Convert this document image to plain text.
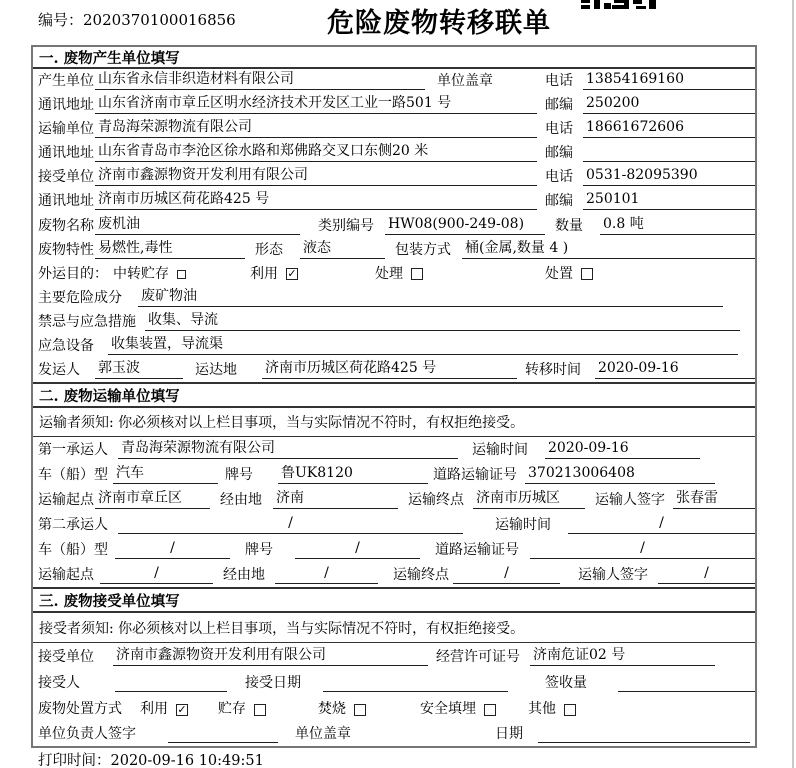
编号：2020370100016856	危险废物转移联单
一. 废物产生单位填写
产生单位 山东省永信非织造材料有限公司	单位盖章	电话 13854169160
通讯地址 山东省济南市章丘区明水经济技术开发区工业一路501 号	邮编 250200
运输单位 青岛海荣源物流有限公司	电话 18661672606
通讯地址 山东省青岛市李沧区徐水路和郑佛路交叉口东侧20 米	邮编
接受单位 济南市鑫源物资开发利用有限公司	电话 0531-82095390
通讯地址 济南市历城区荷花路425 号	邮编 250101
废物名称 废机油	类别编号 HW08(900-249-08)	数量 0.8 吨
废物特性 易燃性,毒性	形态 液态	包装方式 桶(金属,数量 4 )
外运目的： 中转贮存	利用 ✓	处理	处置
主要危险成分 废矿物油
禁忌与应急措施 收集、导流
应急设备 收集装置，导流渠
发运人 郭玉波	运达地 济南市历城区荷花路425 号	转移时间 2020-09-16
二. 废物运输单位填写
运输者须知: 你必须核对以上栏目事项，当与实际情况不符时，有权拒绝接受。
第一承运人 青岛海荣源物流有限公司	运输时间 2020-09-16
车（船）型 汽车	牌号 鲁UK8120	道路运输证号 370213006408
运输起点 济南市章丘区	经由地 济南	运输终点 济南市历城区	运输人签字 张春雷
第二承运人	/	运输时间	/
车（船）型	/	牌号	/	道路运输证号	/
运输起点	/	经由地	/	运输终点	/	运输人签字	/
三. 废物接受单位填写
接受者须知: 你必须核对以上栏目事项，当与实际情况不符时，有权拒绝接受。
接受单位 济南市鑫源物资开发利用有限公司	经营许可证号 济南危证02 号
接受人	接受日期	签收量
废物处置方式 利用 ✓ 贮存	焚烧	安全填埋	其他
单位负责人签字	单位盖章	日期
打印时间：2020-09-16 10:49:51
